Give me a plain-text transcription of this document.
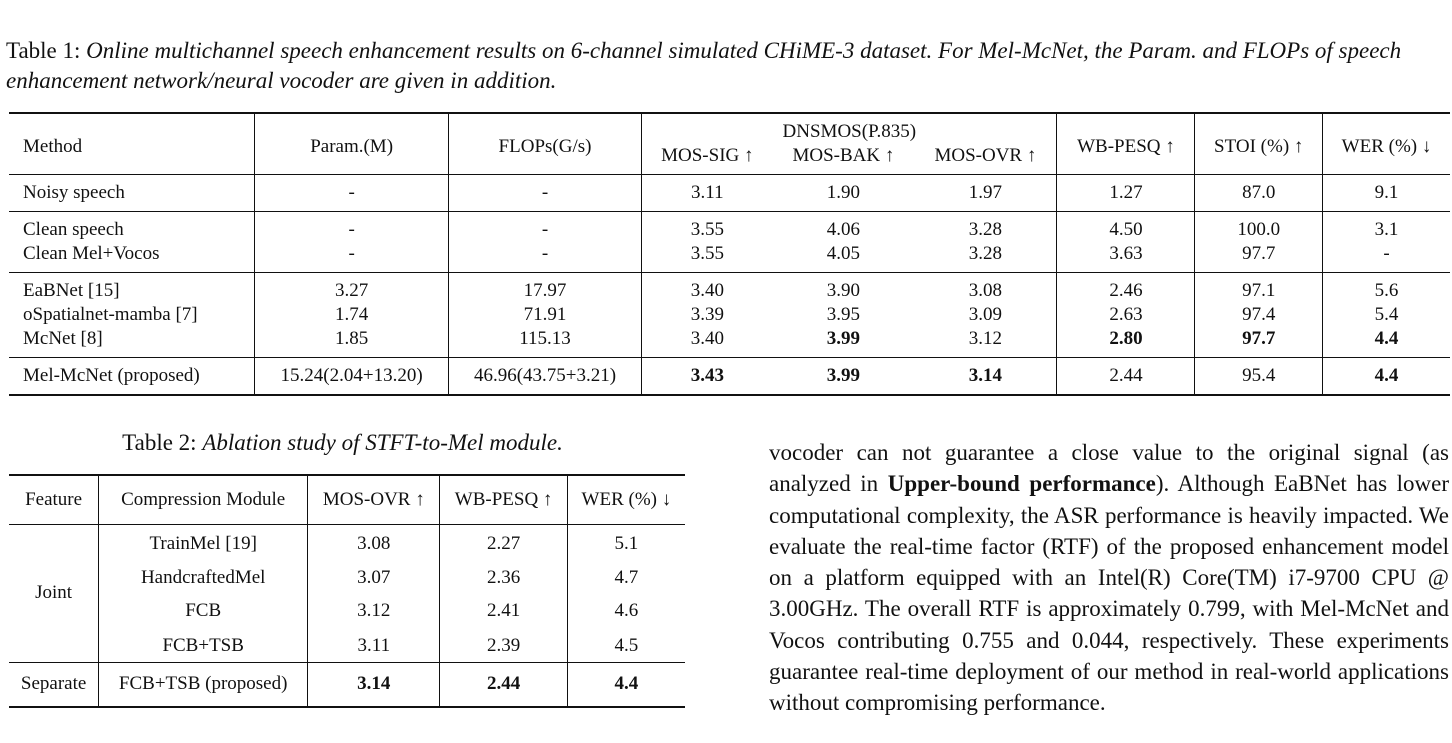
Table 1: Online multichannel speech enhancement results on 6-channel simulated CHiME-3 dataset. For Mel-McNet, the Param. and FLOPs of speech enhancement network/neural vocoder are given in addition.
Method	Param.(M)	FLOPs(G/s)	DNSMOS(P.835)			WB-PESQ ↑	STOI (%) ↑	WER (%) ↓
			MOS-SIG ↑	MOS-BAK ↑	MOS-OVR ↑			
Noisy speech	-	-	3.11	1.90	1.97	1.27	87.0	9.1
Clean speech	-	-	3.55	4.06	3.28	4.50	100.0	3.1
Clean Mel+Vocos	-	-	3.55	4.05	3.28	3.63	97.7	-
EaBNet [15]	3.27	17.97	3.40	3.90	3.08	2.46	97.1	5.6
oSpatialnet-mamba [7]	1.74	71.91	3.39	3.95	3.09	2.63	97.4	5.4
McNet [8]	1.85	115.13	3.40	3.99	3.12	2.80	97.7	4.4
Mel-McNet (proposed)	15.24(2.04+13.20)	46.96(43.75+3.21)	3.43	3.99	3.14	2.44	95.4	4.4
Table 2: Ablation study of STFT-to-Mel module.
Feature	Compression Module	MOS-OVR ↑	WB-PESQ ↑	WER (%) ↓
Joint	TrainMel [19]	3.08	2.27	5.1
	HandcraftedMel	3.07	2.36	4.7
	FCB	3.12	2.41	4.6
	FCB+TSB	3.11	2.39	4.5
Separate	FCB+TSB (proposed)	3.14	2.44	4.4
vocoder can not guarantee a close value to the original signal (as analyzed in Upper-bound performance). Although EaBNet has lower computational complexity, the ASR performance is heavily impacted. We evaluate the real-time factor (RTF) of the proposed enhancement model on a platform equipped with an Intel(R) Core(TM) i7-9700 CPU @ 3.00GHz. The overall RTF is approximately 0.799, with Mel-McNet and Vocos contributing 0.755 and 0.044, respectively. These experiments guarantee real-time deployment of our method in real-world applications without compromising performance.
